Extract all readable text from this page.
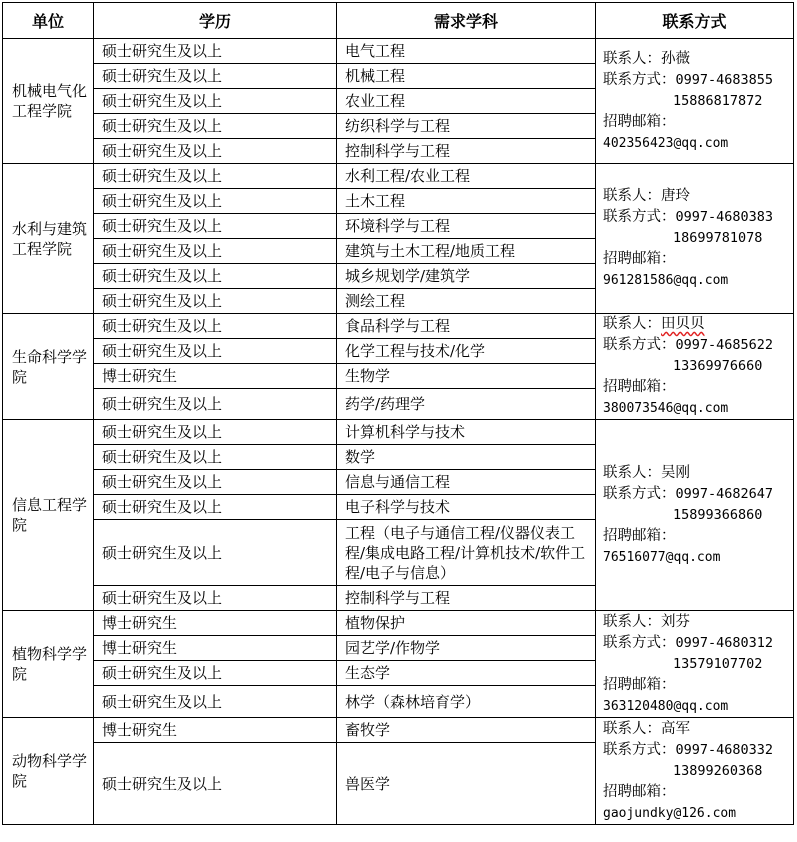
单位	学历	需求学科	联系方式
机械电气化工程学院	硕士研究生及以上	电气工程	联系人：孙薇
联系方式：0997-4683855
15886817872
招聘邮箱：
402356423@qq.com

	硕士研究生及以上	机械工程	
	硕士研究生及以上	农业工程	
	硕士研究生及以上	纺织科学与工程	
	硕士研究生及以上	控制科学与工程	
水利与建筑工程学院	硕士研究生及以上	水利工程/农业工程	联系人：唐玲
联系方式：0997-4680383
18699781078
招聘邮箱：
961281586@qq.com

	硕士研究生及以上	土木工程	
	硕士研究生及以上	环境科学与工程	
	硕士研究生及以上	建筑与土木工程/地质工程	
	硕士研究生及以上	城乡规划学/建筑学	
	硕士研究生及以上	测绘工程	
生命科学学院	硕士研究生及以上	食品科学与工程	联系人：田贝贝
联系方式：0997-4685622
13369976660
招聘邮箱：
380073546@qq.com

	硕士研究生及以上	化学工程与技术/化学	
	博士研究生	生物学	
	硕士研究生及以上	药学/药理学	
信息工程学院	硕士研究生及以上	计算机科学与技术	联系人：吴刚
联系方式：0997-4682647
15899366860
招聘邮箱：
76516077@qq.com

	硕士研究生及以上	数学	
	硕士研究生及以上	信息与通信工程	
	硕士研究生及以上	电子科学与技术	
	硕士研究生及以上	工程（电子与通信工程/仪器仪表工程/集成电路工程/计算机技术/软件工程/电子与信息）	
	硕士研究生及以上	控制科学与工程	
植物科学学院	博士研究生	植物保护	联系人：刘芬
联系方式：0997-4680312
13579107702
招聘邮箱：
363120480@qq.com

	博士研究生	园艺学/作物学	
	硕士研究生及以上	生态学	
	硕士研究生及以上	林学（森林培育学）	
动物科学学院	博士研究生	畜牧学	联系人：高军
联系方式：0997-4680332
13899260368
招聘邮箱：
gaojundky@126.com

	硕士研究生及以上	兽医学	
